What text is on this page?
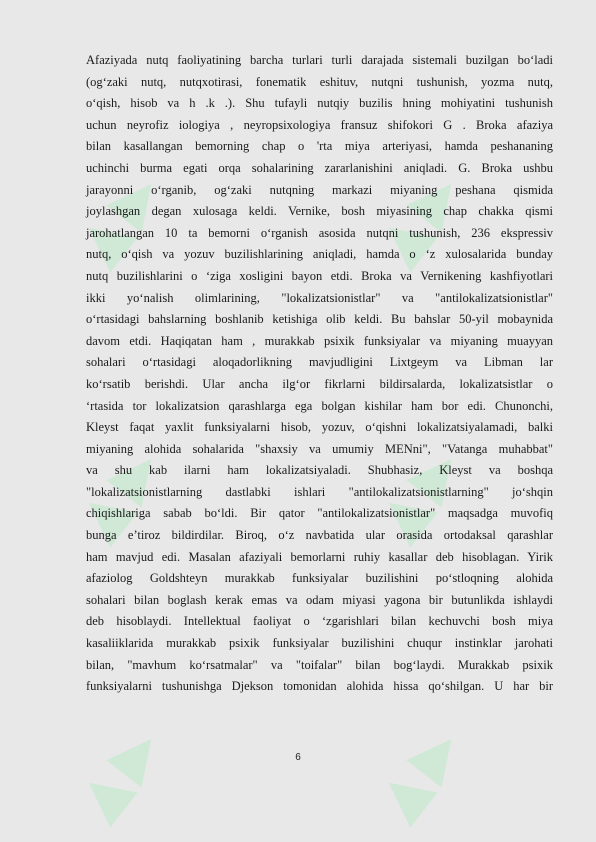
▲▶	▲▶
▲▶	▲▶
▲▶	▲▶
Afaziyada nutq faoliyatining barcha turlari turli darajada sistemali buzilgan bo‘ladi
(og‘zaki nutq, nutqxotirasi, fonematik eshituv, nutqni tushunish, yozma nutq,
o‘qish, hisob va h .k .). Shu tufayli nutqiy buzilis hning mohiyatini tushunish
uchun neyrofiz iologiya , neyropsixologiya fransuz shifokori G . Broka afaziya
bilan kasallangan bemorning chap o 'rta miya arteriyasi, hamda peshananing
uchinchi burma egati orqa sohalarining zararlanishini aniqladi. G. Broka ushbu
jarayonni o‘rganib, og‘zaki nutqning markazi miyaning peshana qismida
joylashgan degan xulosaga keldi. Vernike, bosh miyasining chap chakka qismi
jarohatlangan 10 ta bemorni o‘rganish asosida nutqni tushunish, 236 ekspressiv
nutq, o‘qish va yozuv buzilishlarining aniqladi, hamda o ‘z xulosalarida bunday
nutq buzilishlarini o ‘ziga xosligini bayon etdi. Broka va Vernikening kashfiyotlari
ikki yo‘nalish olimlarining, "lokalizatsionistlar" va "antilokalizatsionistlar"
o‘rtasidagi bahslarning boshlanib ketishiga olib keldi. Bu bahslar 50-yil mobaynida
davom etdi. Haqiqatan ham , murakkab psixik funksiyalar va miyaning muayyan
sohalari o‘rtasidagi aloqadorlikning mavjudligini Lixtgeym va Libman lar
ko‘rsatib berishdi. Ular ancha ilg‘or fikrlarni bildirsalarda, lokalizatsistlar o
‘rtasida tor lokalizatsion qarashlarga ega bolgan kishilar ham bor edi. Chunonchi,
Kleyst faqat yaxlit funksiyalarni hisob, yozuv, o‘qishni lokalizatsiyalamadi, balki
miyaning alohida sohalarida "shaxsiy va umumiy MENni", "Vatanga muhabbat"
va shu kab ilarni ham lokalizatsiyaladi. Shubhasiz, Kleyst va boshqa
"lokalizatsionistlarning dastlabki ishlari "antilokalizatsionistlarning" jo‘shqin
chiqishlariga sabab bo‘ldi. Bir qator "antilokalizatsionistlar" maqsadga muvofiq
bunga e’tiroz bildirdilar. Biroq, o‘z navbatida ular orasida ortodaksal qarashlar
ham mavjud edi. Masalan afaziyali bemorlarni ruhiy kasallar deb hisoblagan. Yirik
afaziolog Goldshteyn murakkab funksiyalar buzilishini po‘stloqning alohida
sohalari bilan boglash kerak emas va odam miyasi yagona bir butunlikda ishlaydi
deb hisoblaydi. Intellektual faoliyat o ‘zgarishlari bilan kechuvchi bosh miya
kasaliiklarida murakkab psixik funksiyalar buzilishini chuqur instinklar jarohati
bilan, "mavhum ko‘rsatmalar" va "toifalar" bilan bog‘laydi. Murakkab psixik
funksiyalarni tushunishga Djekson tomonidan alohida hissa qo‘shilgan. U har bir
6
